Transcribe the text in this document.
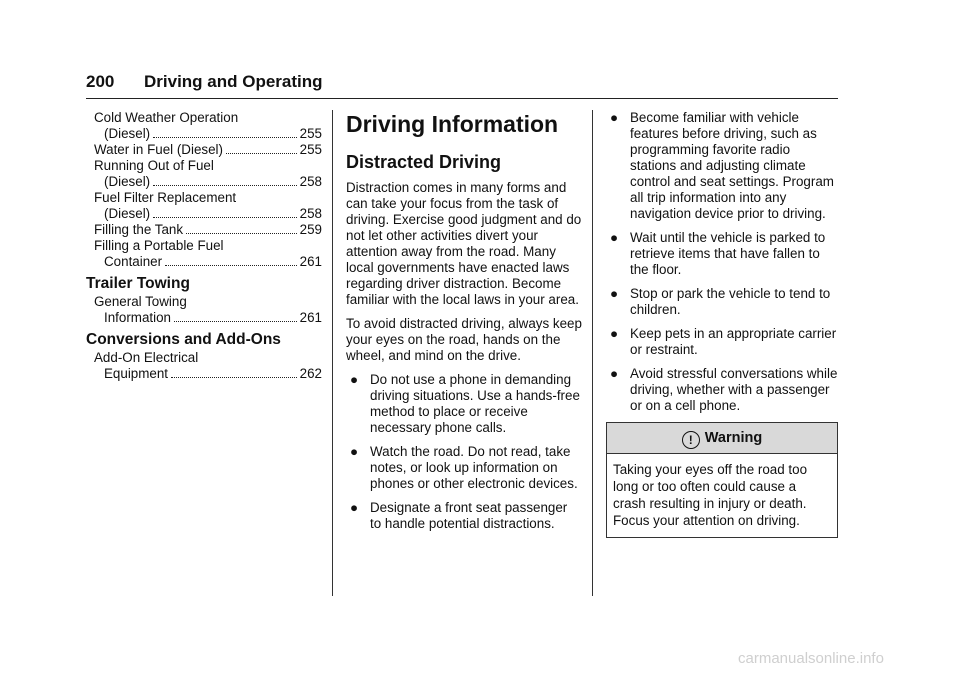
200 Driving and Operating
Cold Weather Operation
(Diesel)	255
Water in Fuel (Diesel)	255
Running Out of Fuel
(Diesel)	258
Fuel Filter Replacement
(Diesel)	258
Filling the Tank	259
Filling a Portable Fuel
Container	261
Trailer Towing
General Towing
Information	261
Conversions and Add-Ons
Add-On Electrical
Equipment	262
Driving Information
Distracted Driving

Distraction comes in many forms and can take your focus from the task of driving. Exercise good judgment and do not let other activities divert your attention away from the road. Many local governments have enacted laws regarding driver distraction. Become familiar with the local laws in your area.

To avoid distracted driving, always keep your eyes on the road, hands on the wheel, and mind on the drive.

● Do not use a phone in demanding driving situations. Use a hands-free method to place or receive necessary phone calls.
● Watch the road. Do not read, take notes, or look up information on phones or other electronic devices.
● Designate a front seat passenger to handle potential distractions.
● Become familiar with vehicle features before driving, such as programming favorite radio stations and adjusting climate control and seat settings. Program all trip information into any navigation device prior to driving.
● Wait until the vehicle is parked to retrieve items that have fallen to the floor.
● Stop or park the vehicle to tend to children.
● Keep pets in an appropriate carrier or restraint.
● Avoid stressful conversations while driving, whether with a passenger or on a cell phone.
! Warning
Taking your eyes off the road too long or too often could cause a crash resulting in injury or death. Focus your attention on driving.
carmanualsonline.info
